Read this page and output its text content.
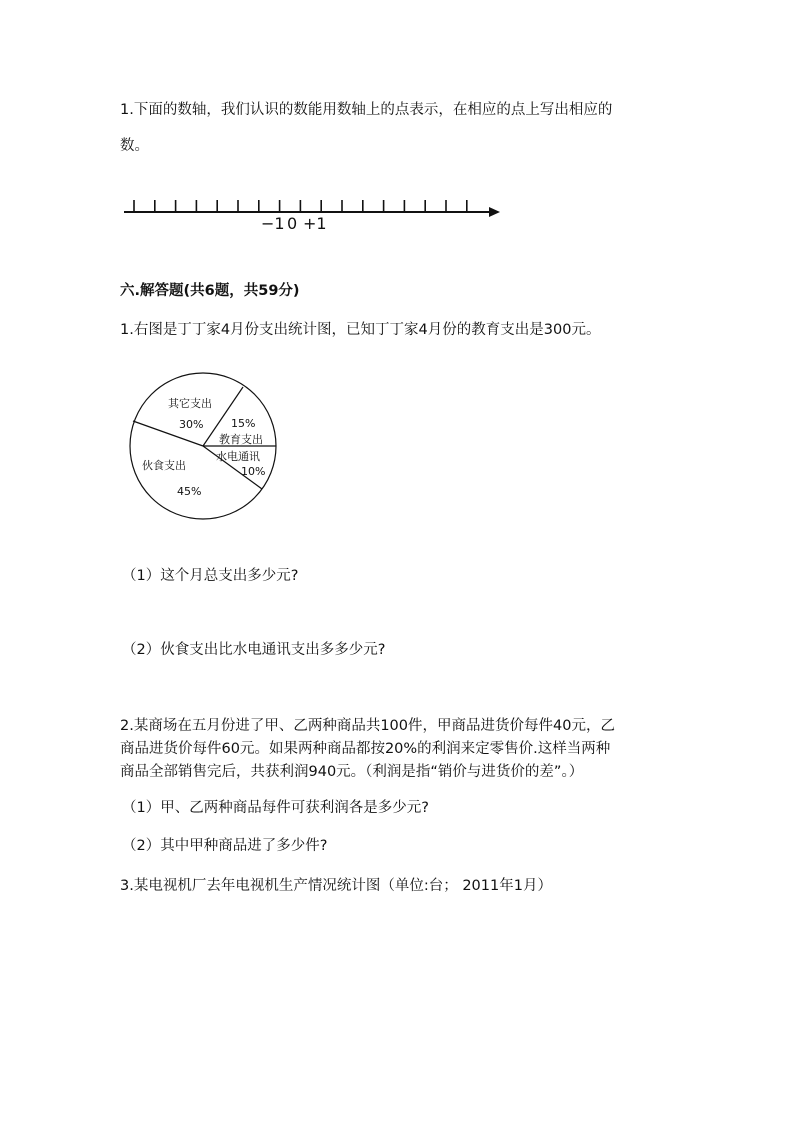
1.下面的数轴，我们认识的数能用数轴上的点表示，在相应的点上写出相应的
数。
−1 0 +1
六.解答题(共6题，共59分)
1.右图是丁丁家4月份支出统计图，已知丁丁家4月份的教育支出是300元。
其它支出
30%	15%
教育支出
水电通讯
10%
伙食支出
45%
（1）这个月总支出多少元?
（2）伙食支出比水电通讯支出多多少元?
2.某商场在五月份进了甲、乙两种商品共100件，甲商品进货价每件40元，乙
商品进货价每件60元。如果两种商品都按20%的利润来定零售价.这样当两种
商品全部销售完后，共获利润940元。（利润是指“销价与进货价的差”。）
（1）甲、乙两种商品每件可获利润各是多少元?
（2）其中甲种商品进了多少件?
3.某电视机厂去年电视机生产情况统计图（单位:台； 2011年1月）
